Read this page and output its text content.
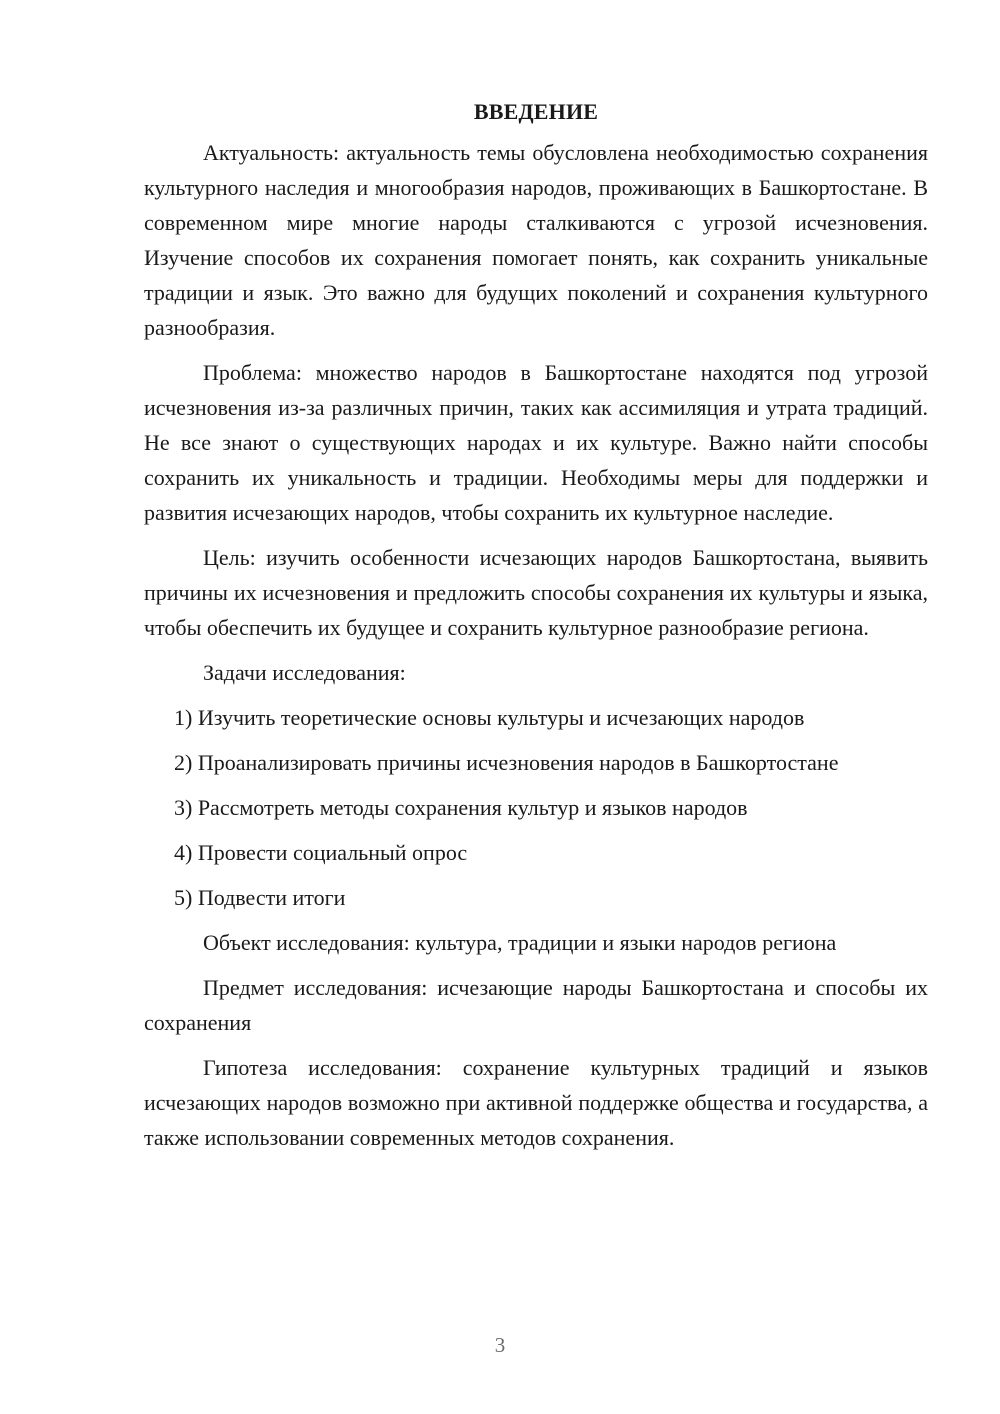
ВВЕДЕНИЕ

Актуальность: актуальность темы обусловлена необходимостью сохранения культурного наследия и многообразия народов, проживающих в Башкортостане. В современном мире многие народы сталкиваются с угрозой исчезновения. Изучение способов их сохранения помогает понять, как сохранить уникальные традиции и язык. Это важно для будущих поколений и сохранения культурного разнообразия.

Проблема: множество народов в Башкортостане находятся под угрозой исчезновения из-за различных причин, таких как ассимиляция и утрата традиций. Не все знают о существующих народах и их культуре. Важно найти способы сохранить их уникальность и традиции. Необходимы меры для поддержки и развития исчезающих народов, чтобы сохранить их культурное наследие.

Цель: изучить особенности исчезающих народов Башкортостана, выявить причины их исчезновения и предложить способы сохранения их культуры и языка, чтобы обеспечить их будущее и сохранить культурное разнообразие региона.

Задачи исследования:

1) Изучить теоретические основы культуры и исчезающих народов

2) Проанализировать причины исчезновения народов в Башкортостане

3) Рассмотреть методы сохранения культур и языков народов

4) Провести социальный опрос

5) Подвести итоги

Объект исследования: культура, традиции и языки народов региона

Предмет исследования: исчезающие народы Башкортостана и способы их сохранения

Гипотеза исследования: сохранение культурных традиций и языков исчезающих народов возможно при активной поддержке общества и государства, а также использовании современных методов сохранения.

3
